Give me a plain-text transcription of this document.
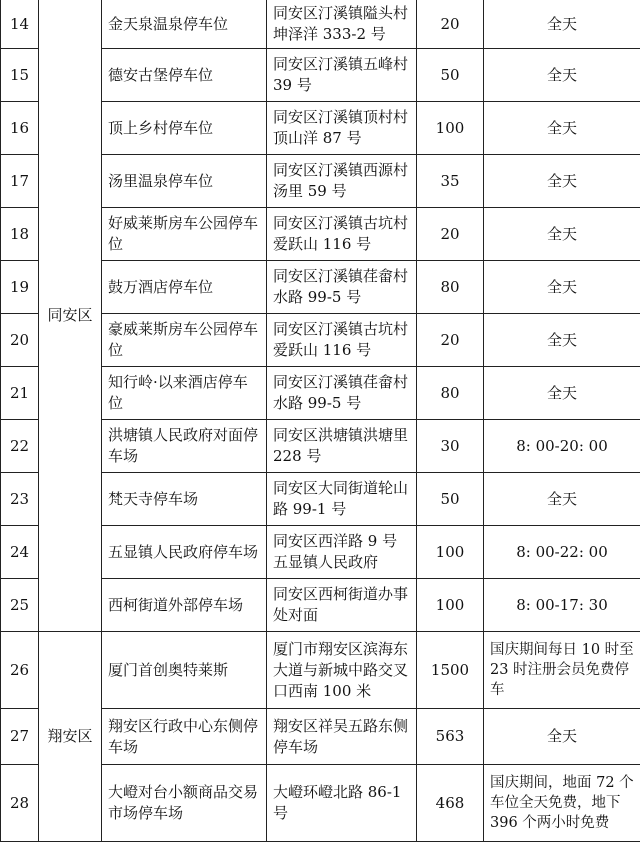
14	同安区	金天泉温泉停车位	同安区汀溪镇隘头村坤泽洋 333-2 号	20	全天
15		德安古堡停车位	同安区汀溪镇五峰村 39 号	50	全天
16		顶上乡村停车位	同安区汀溪镇顶村村顶山洋 87 号	100	全天
17		汤里温泉停车位	同安区汀溪镇西源村汤里 59 号	35	全天
18		好威莱斯房车公园停车位	同安区汀溪镇古坑村爱跃山 116 号	20	全天
19		鼓万酒店停车位	同安区汀溪镇荏畲村水路 99-5 号	80	全天
20		豪威莱斯房车公园停车位	同安区汀溪镇古坑村爱跃山 116 号	20	全天
21		知行岭·以来酒店停车位	同安区汀溪镇荏畲村水路 99-5 号	80	全天
22		洪塘镇人民政府对面停车场	同安区洪塘镇洪塘里 228 号	30	8: 00-20: 00
23		梵天寺停车场	同安区大同街道轮山路 99-1 号	50	全天
24		五显镇人民政府停车场	同安区西洋路 9 号五显镇人民政府	100	8: 00-22: 00
25		西柯街道外部停车场	同安区西柯街道办事处对面	100	8: 00-17: 30
26	翔安区	厦门首创奥特莱斯	厦门市翔安区滨海东大道与新城中路交叉口西南 100 米	1500	国庆期间每日 10 时至 23 时注册会员免费停车
27		翔安区行政中心东侧停车场	翔安区祥吴五路东侧停车场	563	全天
28		大嶝对台小额商品交易市场停车场	大嶝环嶝北路 86-1 号	468	国庆期间，地面 72 个车位全天免费，地下 396 个两小时免费
